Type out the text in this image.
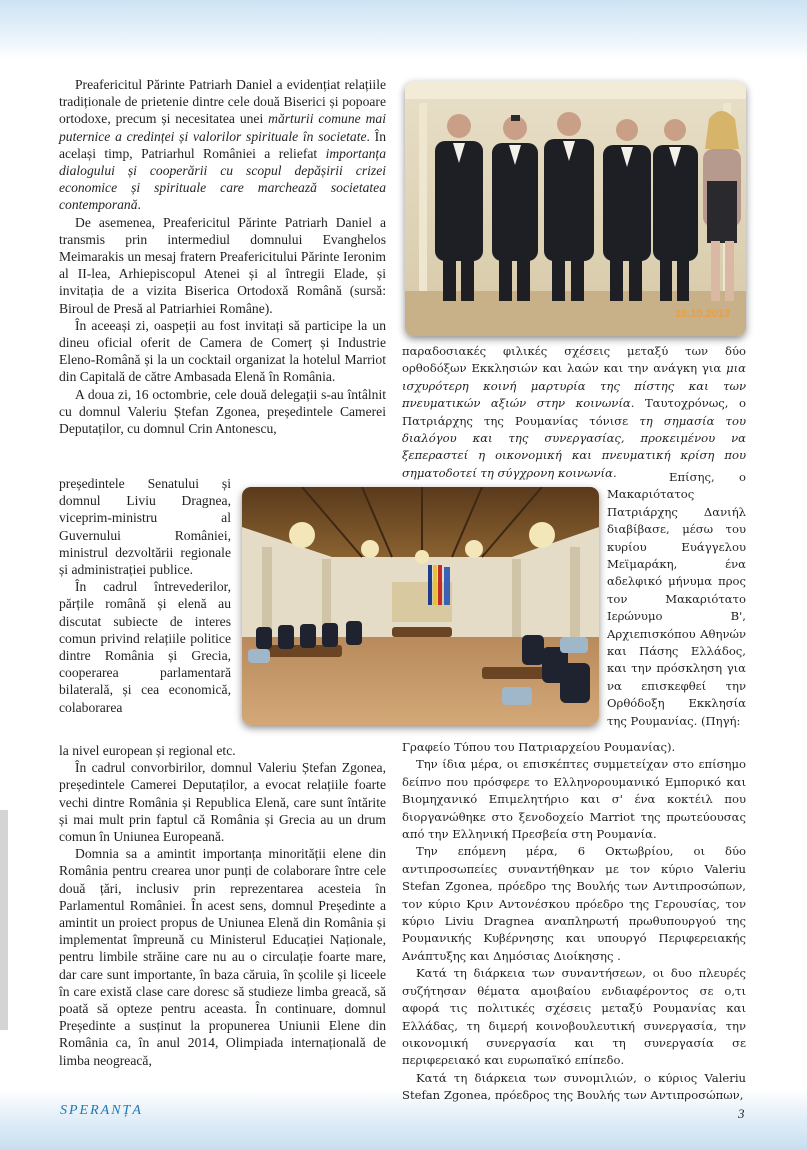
Preafericitul Părinte Patriarh Daniel a evidențiat relațiile tradiționale de prietenie dintre cele două Biserici și popoare ortodoxe, precum și necesitatea unei mărturii comune mai puternice a credinței și valorilor spirituale în societate. În același timp, Patriarhul României a reliefat importanța dialogului și cooperării cu scopul depășirii crizei economice și spirituale care marchează societatea contemporană.

De asemenea, Preafericitul Părinte Patriarh Daniel a transmis prin intermediul domnului Evanghelos Meimarakis un mesaj fratern Preafericitului Părinte Ieronim al II-lea, Arhiepiscopul Atenei și al întregii Elade, și invitația de a vizita Biserica Ortodoxă Română (sursă: Biroul de Presă al Patriarhiei Române).

În aceeași zi, oaspeții au fost invitați să participe la un dineu oficial oferit de Camera de Comerț și Industrie Eleno-Română și la un cocktail organizat la hotelul Marriot din Capitală de către Ambasada Elenă în România.

A doua zi, 16 octombrie, cele două delegații s-au întâlnit cu domnul Valeriu Ștefan Zgonea, președintele Camerei Deputaților, cu domnul Crin Antonescu,

președintele Senatului și domnul Liviu Dragnea, viceprim-ministru al Guvernului României, ministrul dezvoltării regionale și administrației publice.

În cadrul întrevederilor, părțile română și elenă au discutat subiecte de interes comun privind relațiile politice dintre România și Grecia, cooperarea parlamentară bilaterală, și cea economică, colaborarea

la nivel european și regional etc.

În cadrul convorbirilor, domnul Valeriu Ștefan Zgonea, președintele Camerei Deputaților, a evocat relațiile foarte vechi dintre România și Republica Elenă, care sunt întărite și mai mult prin faptul că România și Grecia au un drum comun în Uniunea Europeană.

Domnia sa a amintit importanța minorității elene din România pentru crearea unor punți de colaborare între cele două țări, inclusiv prin reprezentarea acesteia în Parlamentul României. În acest sens, domnul Președinte a amintit un proiect propus de Uniunea Elenă din România și implementat împreună cu Ministerul Educației Naționale, pentru limbile străine care nu au o circulație foarte mare, dar care sunt importante, în baza căruia, în școlile și liceele în care există clase care doresc să studieze limba greacă, să poată să opteze pentru aceasta. În continuare, domnul Președinte a susținut la propunerea Uniunii Elene din România ca, în anul 2014, Olimpiada internațională de limba neogreacă,

παραδοσιακές φιλικές σχέσεις μεταξύ των δύο ορθοδόξων Εκκλησιών και λαών και την ανάγκη για μια ισχυρότερη κοινή μαρτυρία της πίστης και των πνευματικών αξιών στην κοινωνία. Ταυτοχρόνως, ο Πατριάρχης της Ρουμανίας τόνισε τη σημασία του διαλόγου και της συνεργασίας, προκειμένου να ξεπεραστεί η οικονομική και πνευματική κρίση που σηματοδοτεί τη σύγχρονη κοινωνία.	Επίσης, ο Μακαριότατος Πατριάρχης Δανιήλ διαβίβασε, μέσω του κυρίου Ευάγγελου Μεϊμαράκη, ένα αδελφικό μήνυμα προς τον Μακαριότατο Ιερώνυμο Β', Αρχιεπισκόπου Αθηνών και Πάσης Ελλάδος, και την πρόσκληση για να επισκεφθεί την Ορθόδοξη Εκκλησία της Ρουμανίας. (Πηγή:

Γραφείο Τύπου του Πατριαρχείου Ρουμανίας).

Την ίδια μέρα, οι επισκέπτες συμμετείχαν στο επίσημο δείπνο που πρόσφερε το Ελληνορουμανικό Εμπορικό και Βιομηχανικό Επιμελητήριο και σ' ένα κοκτέιλ που διοργανώθηκε στο ξενοδοχείο Marriot της πρωτεύουσας από την Ελληνική Πρεσβεία στη Ρουμανία.

Την επόμενη μέρα, 6 Οκτωβρίου, οι δύο αντιπροσωπείες συναντήθηκαν με τον κύριο Valeriu Stefan Zgonea, πρόεδρο της Βουλής των Αντιπροσώπων, τον κύριο Κριν Αντονέσκου πρόεδρο της Γερουσίας, τον κύριο Liviu Dragnea αναπληρωτή πρωθυπουργού της Ρουμανικής Κυβέρνησης και υπουργό Περιφερειακής Ανάπτυξης και Δημόσιας Διοίκησης .

Κατά τη διάρκεια των συναντήσεων, οι δυο πλευρές συζήτησαν θέματα αμοιβαίου ενδιαφέροντος σε ο,τι αφορά τις πολιτικές σχέσεις μεταξύ Ρουμανίας και Ελλάδας, τη διμερή κοινοβουλευτική συνεργασία, την οικονομική συνεργασία και τη συνεργασία σε περιφερειακό και ευρωπαϊκό επίπεδο.

Κατά τη διάρκεια των συνομιλιών, ο κύριος Valeriu Stefan Zgonea, πρόεδρος της Βουλής των Αντιπροσώπων,

15.10.2013
SPERANȚA	3
